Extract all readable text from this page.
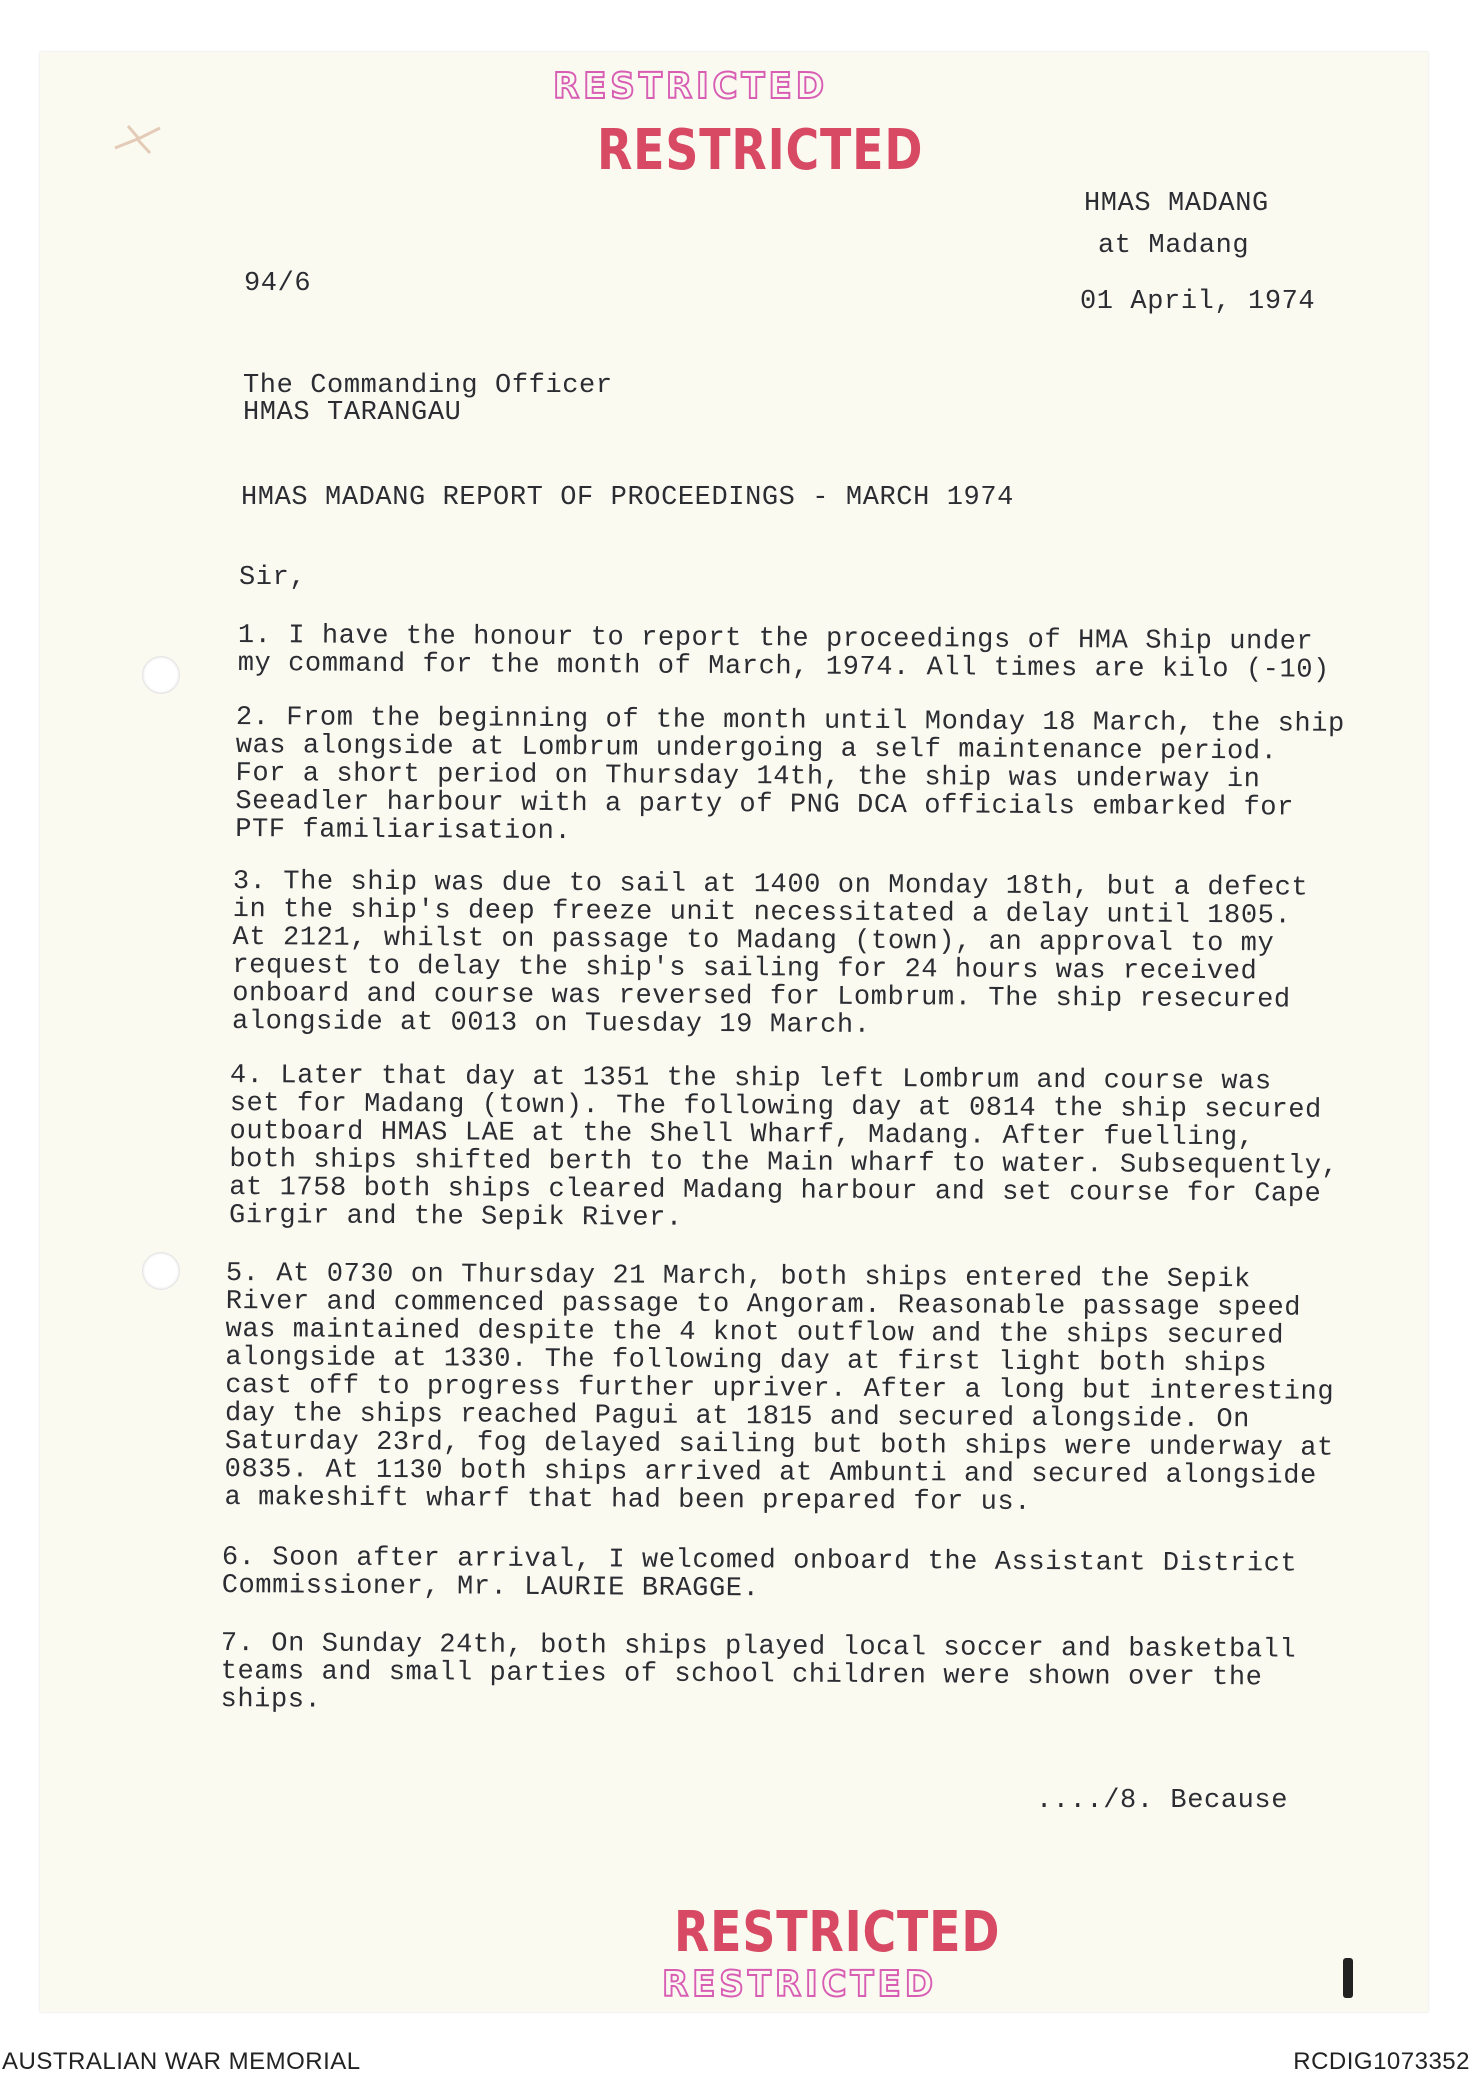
RESTRICTED
RESTRICTED
HMAS MADANG
at Madang
01 April, 1974
94/6
The Commanding Officer
HMAS TARANGAU
HMAS MADANG REPORT OF PROCEEDINGS - MARCH 1974
Sir,
1. I have the honour to report the proceedings of HMA Ship under
my command for the month of March, 1974. All times are kilo (-10)
2. From the beginning of the month until Monday 18 March, the ship
was alongside at Lombrum undergoing a self maintenance period.
For a short period on Thursday 14th, the ship was underway in
Seeadler harbour with a party of PNG DCA officials embarked for
PTF familiarisation.
3. The ship was due to sail at 1400 on Monday 18th, but a defect
in the ship's deep freeze unit necessitated a delay until 1805.
At 2121, whilst on passage to Madang (town), an approval to my
request to delay the ship's sailing for 24 hours was received
onboard and course was reversed for Lombrum. The ship resecured
alongside at 0013 on Tuesday 19 March.
4. Later that day at 1351 the ship left Lombrum and course was
set for Madang (town). The following day at 0814 the ship secured
outboard HMAS LAE at the Shell Wharf, Madang. After fuelling,
both ships shifted berth to the Main wharf to water. Subsequently,
at 1758 both ships cleared Madang harbour and set course for Cape
Girgir and the Sepik River.
5. At 0730 on Thursday 21 March, both ships entered the Sepik
River and commenced passage to Angoram. Reasonable passage speed
was maintained despite the 4 knot outflow and the ships secured
alongside at 1330. The following day at first light both ships
cast off to progress further upriver. After a long but interesting
day the ships reached Pagui at 1815 and secured alongside. On
Saturday 23rd, fog delayed sailing but both ships were underway at
0835. At 1130 both ships arrived at Ambunti and secured alongside
a makeshift wharf that had been prepared for us.
6. Soon after arrival, I welcomed onboard the Assistant District
Commissioner, Mr. LAURIE BRAGGE.
7. On Sunday 24th, both ships played local soccer and basketball
teams and small parties of school children were shown over the
ships.
..../8. Because
RESTRICTED
RESTRICTED
AUSTRALIAN WAR MEMORIAL	RCDIG1073352
